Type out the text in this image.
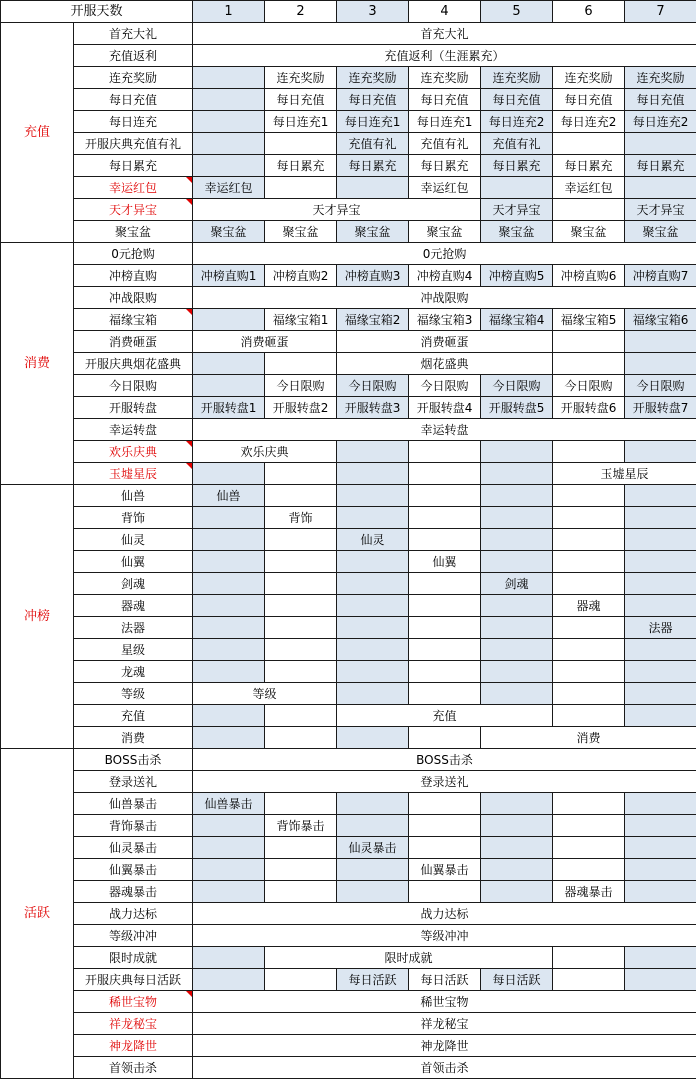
开服天数		1	2	3	4	5	6	7
充值	首充大礼	首充大礼						
	充值返利	充值返利（生涯累充）						
	连充奖励		连充奖励	连充奖励	连充奖励	连充奖励	连充奖励	连充奖励
	每日充值		每日充值	每日充值	每日充值	每日充值	每日充值	每日充值
	每日连充		每日连充1	每日连充1	每日连充1	每日连充2	每日连充2	每日连充2
	开服庆典充值有礼			充值有礼	充值有礼	充值有礼		
	每日累充		每日累充	每日累充	每日累充	每日累充	每日累充	每日累充
	幸运红包	幸运红包			幸运红包		幸运红包	
	天才异宝	天才异宝				天才异宝		天才异宝
	聚宝盆	聚宝盆	聚宝盆	聚宝盆	聚宝盆	聚宝盆	聚宝盆	聚宝盆
消费	0元抢购	0元抢购						
	冲榜直购	冲榜直购1	冲榜直购2	冲榜直购3	冲榜直购4	冲榜直购5	冲榜直购6	冲榜直购7
	冲战限购	冲战限购						
	福缘宝箱		福缘宝箱1	福缘宝箱2	福缘宝箱3	福缘宝箱4	福缘宝箱5	福缘宝箱6
	消费砸蛋	消费砸蛋		消费砸蛋				
	开服庆典烟花盛典			烟花盛典				
	今日限购		今日限购	今日限购	今日限购	今日限购	今日限购	今日限购
	开服转盘	开服转盘1	开服转盘2	开服转盘3	开服转盘4	开服转盘5	开服转盘6	开服转盘7
	幸运转盘	幸运转盘						
	欢乐庆典	欢乐庆典						
	玉墟星辰						玉墟星辰	
冲榜	仙兽	仙兽						
	背饰		背饰					
	仙灵			仙灵				
	仙翼				仙翼			
	剑魂					剑魂		
	器魂						器魂	
	法器							法器
	星级							
	龙魂							
	等级	等级						
	充值			充值				
	消费					消费		
活跃	BOSS击杀	BOSS击杀						
	登录送礼	登录送礼						
	仙兽暴击	仙兽暴击						
	背饰暴击		背饰暴击					
	仙灵暴击			仙灵暴击				
	仙翼暴击				仙翼暴击			
	器魂暴击						器魂暴击	
	战力达标	战力达标						
	等级冲冲	等级冲冲						
	限时成就		限时成就					
	开服庆典每日活跃			每日活跃	每日活跃	每日活跃		
	稀世宝物	稀世宝物						
	祥龙秘宝	祥龙秘宝						
	神龙降世	神龙降世						
	首领击杀	首领击杀						
